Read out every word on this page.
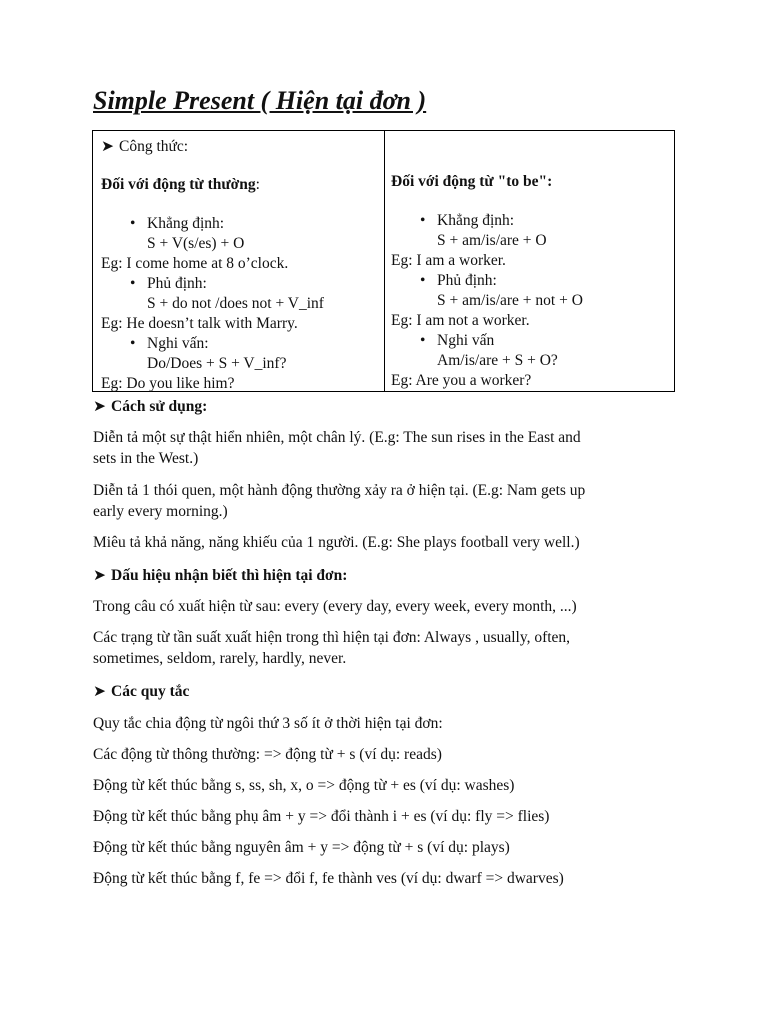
Simple Present ( Hiện tại đơn )
➤ Công thức:
Đối với động từ thường:
• Khẳng định:
S + V(s/es) + O
Eg: I come home at 8 o’clock.
• Phủ định:
S + do not /does not + V_inf
Eg: He doesn’t talk with Marry.
• Nghi vấn:
Do/Does + S + V_inf?
Eg: Do you like him?
Đối với động từ "to be":
• Khẳng định:
S + am/is/are + O
Eg: I am a worker.
• Phủ định:
S + am/is/are + not + O
Eg: I am not a worker.
• Nghi vấn
Am/is/are + S + O?
Eg: Are you a worker?
➤ Cách sử dụng:
Diễn tả một sự thật hiển nhiên, một chân lý. (E.g: The sun rises in the East and
sets in the West.)
Diễn tả 1 thói quen, một hành động thường xảy ra ở hiện tại. (E.g: Nam gets up
early every morning.)
Miêu tả khả năng, năng khiếu của 1 người. (E.g: She plays football very well.)
➤ Dấu hiệu nhận biết thì hiện tại đơn:
Trong câu có xuất hiện từ sau: every (every day, every week, every month, ...)
Các trạng từ tần suất xuất hiện trong thì hiện tại đơn: Always , usually, often,
sometimes, seldom, rarely, hardly, never.
➤ Các quy tắc
Quy tắc chia động từ ngôi thứ 3 số ít ở thời hiện tại đơn:
Các động từ thông thường: => động từ + s (ví dụ: reads)
Động từ kết thúc bằng s, ss, sh, x, o => động từ + es (ví dụ: washes)
Động từ kết thúc bằng phụ âm + y => đổi thành i + es (ví dụ: fly => flies)
Động từ kết thúc bằng nguyên âm + y => động từ + s (ví dụ: plays)
Động từ kết thúc bằng f, fe => đổi f, fe thành ves (ví dụ: dwarf => dwarves)
